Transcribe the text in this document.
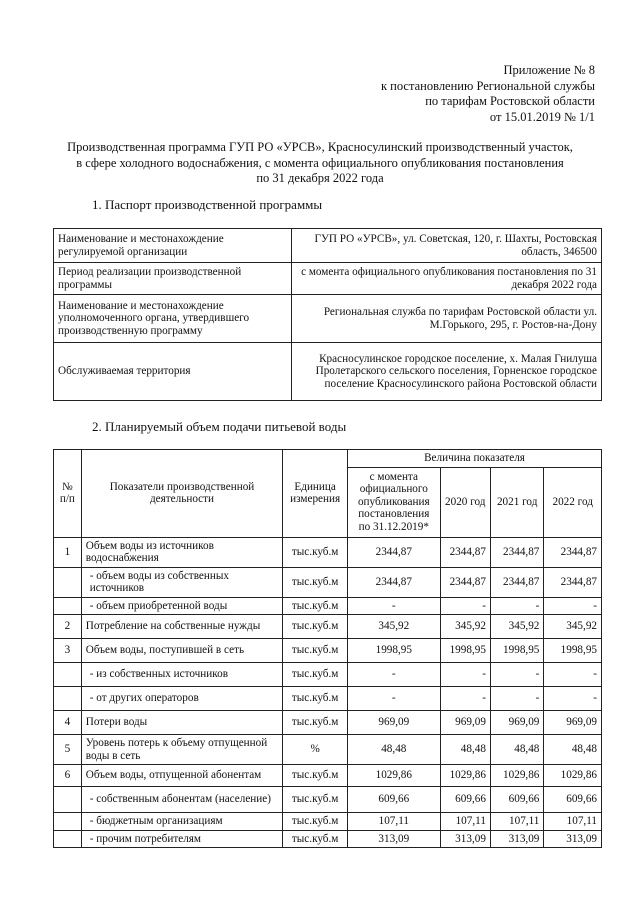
Приложение № 8
к постановлению Региональной службы
по тарифам Ростовской области
от 15.01.2019 № 1/1
Производственная программа ГУП РО «УРСВ», Красносулинский производственный участок,
в сфере холодного водоснабжения, с момента официального опубликования постановления
по 31 декабря 2022 года
1. Паспорт производственной программы
Наименование и местонахождение регулируемой организации	ГУП РО «УРСВ», ул. Советская, 120, г. Шахты, Ростовская область, 346500
Период реализации производственной программы	с момента официального опубликования постановления по 31 декабря 2022 года
Наименование и местонахождение уполномоченного органа, утвердившего производственную программу	Региональная служба по тарифам Ростовской области ул. М.Горького, 295, г. Ростов-на-Дону
Обслуживаемая территория	Красносулинское городское поселение, х. Малая Гнилуша Пролетарского сельского поселения, Горненское городское поселение Красносулинского района Ростовской области
2. Планируемый объем подачи питьевой воды
№ п/п	Показатели производственной деятельности	Единица измерения	Величина показателя			
			с момента официального опубликования постановления по 31.12.2019*	2020 год	2021 год	2022 год
1	Объем воды из источников водоснабжения	тыс.куб.м	2344,87	2344,87	2344,87	2344,87
	- объем воды из собственных источников	тыс.куб.м	2344,87	2344,87	2344,87	2344,87
	- объем приобретенной воды	тыс.куб.м	-	-	-	-
2	Потребление на собственные нужды	тыс.куб.м	345,92	345,92	345,92	345,92
3	Объем воды, поступившей в сеть	тыс.куб.м	1998,95	1998,95	1998,95	1998,95
	- из собственных источников	тыс.куб.м	-	-	-	-
	- от других операторов	тыс.куб.м	-	-	-	-
4	Потери воды	тыс.куб.м	969,09	969,09	969,09	969,09
5	Уровень потерь к объему отпущенной воды в сеть	%	48,48	48,48	48,48	48,48
6	Объем воды, отпущенной абонентам	тыс.куб.м	1029,86	1029,86	1029,86	1029,86
	- собственным абонентам (население)	тыс.куб.м	609,66	609,66	609,66	609,66
	- бюджетным организациям	тыс.куб.м	107,11	107,11	107,11	107,11
	- прочим потребителям	тыс.куб.м	313,09	313,09	313,09	313,09
